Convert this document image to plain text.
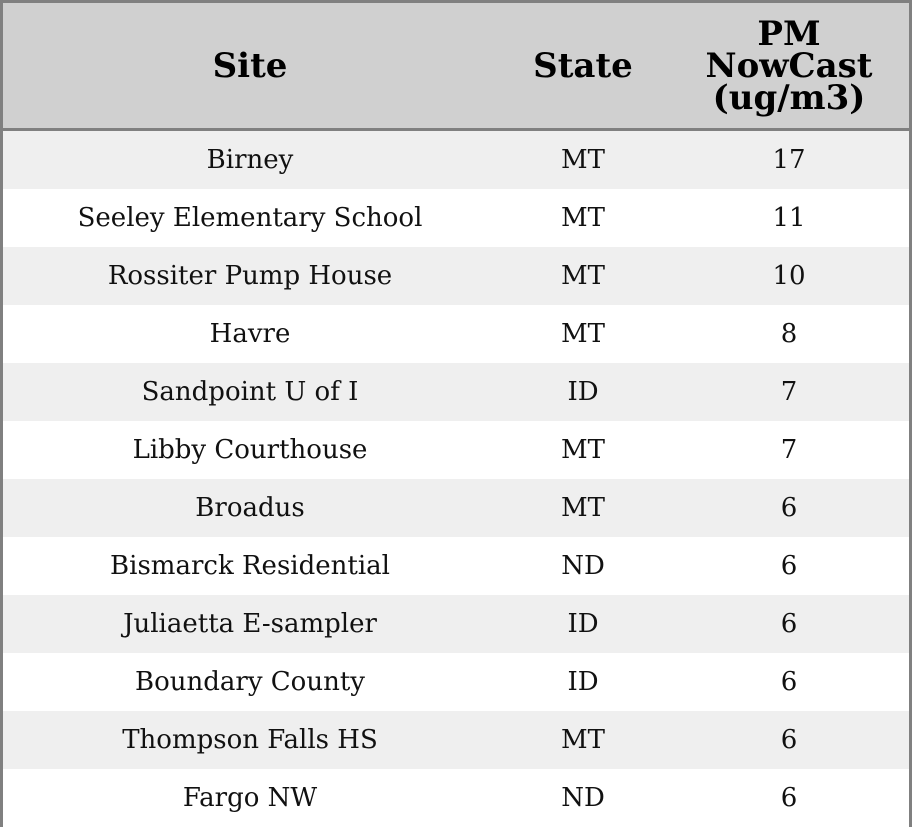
Site	State	PM
NowCast
(ug/m3)

Birney	MT	17
Seeley Elementary School	MT	11
Rossiter Pump House	MT	10
Havre	MT	8
Sandpoint U of I	ID	7
Libby Courthouse	MT	7
Broadus	MT	6
Bismarck Residential	ND	6
Juliaetta E-sampler	ID	6
Boundary County	ID	6
Thompson Falls HS	MT	6
Fargo NW	ND	6
